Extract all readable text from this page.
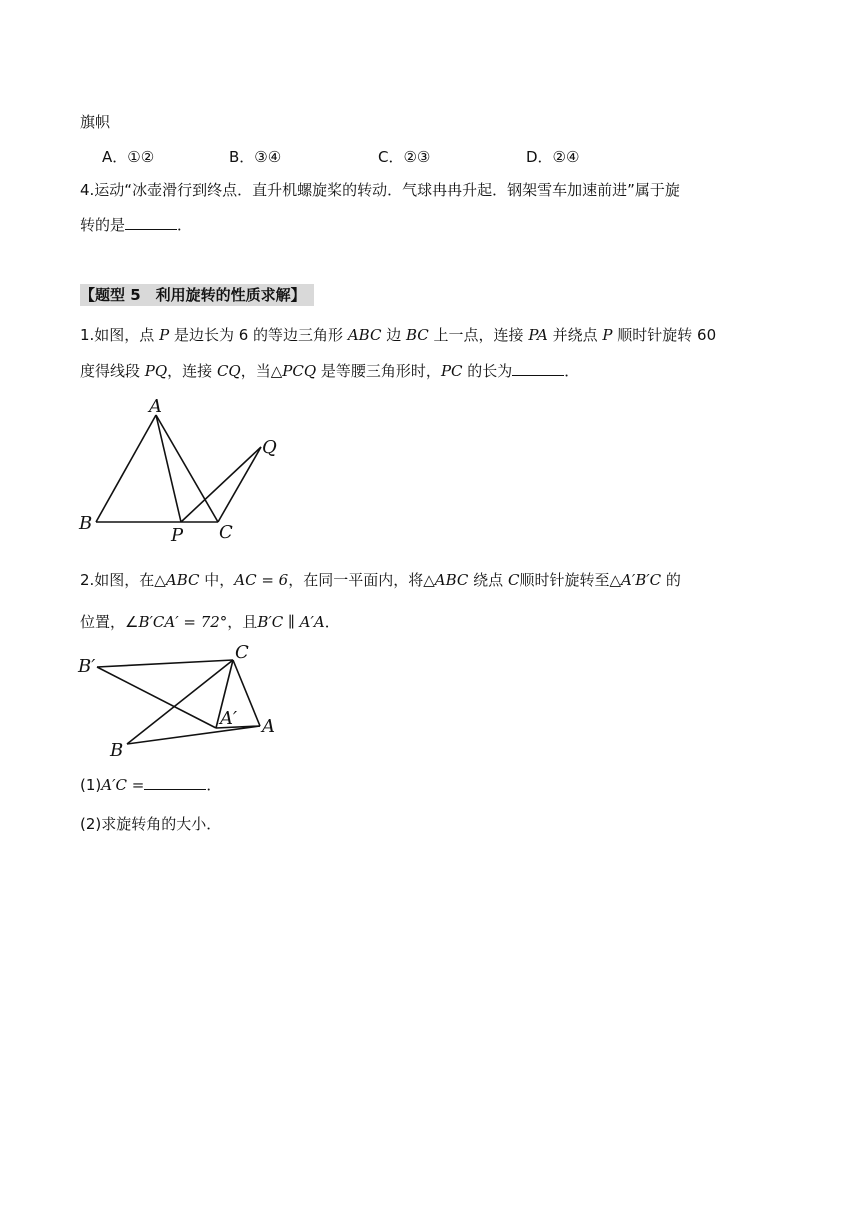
旗帜
A．①②	B．③④	C．②③	D．②④
4.运动“冰壶滑行到终点．直升机螺旋桨的转动．气球冉冉升起．钢架雪车加速前进”属于旋
转的是	．
【题型 5　利用旋转的性质求解】
1.如图，点 P 是边长为 6 的等边三角形 ABC 边 BC 上一点，连接 PA 并绕点 P 顺时针旋转 60
度得线段 PQ，连接 CQ，当△PCQ 是等腰三角形时，PC 的长为	．
A
B	C
P
Q
2.如图，在△ABC 中，AC = 6，在同一平面内，将△ABC 绕点 C顺时针旋转至△A′B′C 的
位置，∠B′CA′ = 72°，且B′C ∥ A′A．
B′
C
A′ A
B
(1)A′C =	．
(2)求旋转角的大小．
